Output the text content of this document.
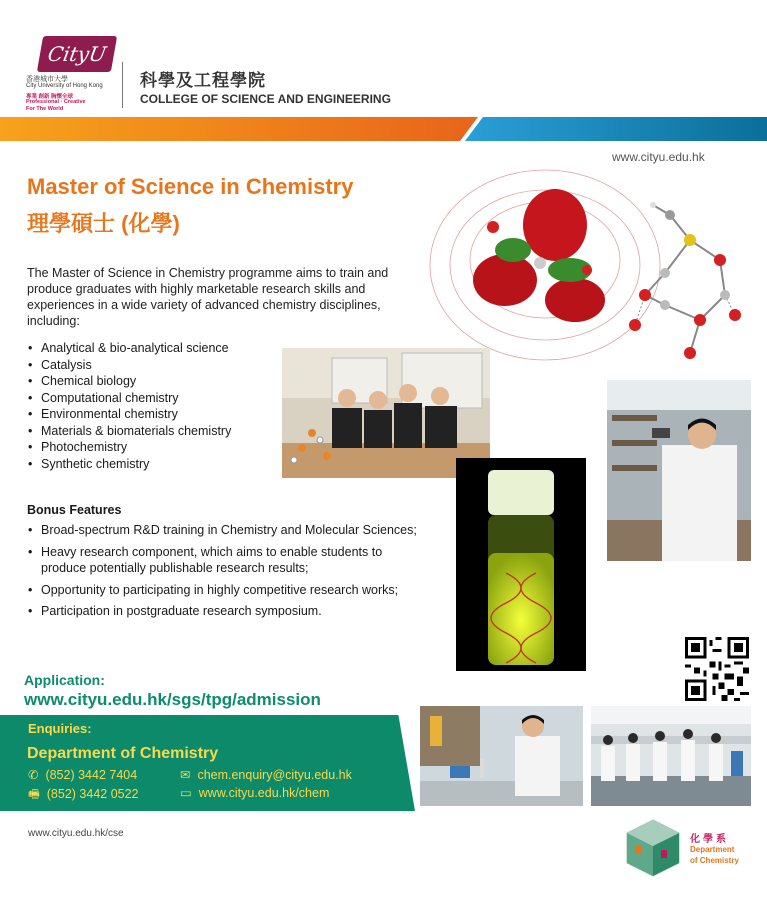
CityU
香港城市大學
City University of Hong Kong
專業 創新 胸懷全球
Professional · Creative
For The World
科學及工程學院
COLLEGE OF SCIENCE AND ENGINEERING
www.cityu.edu.hk
Master of Science in Chemistry
理學碩士 (化學)
The Master of Science in Chemistry programme aims to train and produce graduates with highly marketable research skills and experiences in a wide variety of advanced chemistry disciplines, including:
• Analytical & bio-analytical science
• Catalysis
• Chemical biology
• Computational chemistry
• Environmental chemistry
• Materials & biomaterials chemistry
• Photochemistry
• Synthetic chemistry
Bonus Features
• Broad-spectrum R&D training in Chemistry and Molecular Sciences;
• Heavy research component, which aims to enable students to produce potentially publishable research results;
• Opportunity to participating in highly competitive research works;
• Participation in postgraduate research symposium.
Application:
www.cityu.edu.hk/sgs/tpg/admission
Enquiries:
Department of Chemistry
✆ (852) 3442 7404
🖷 (852) 3442 0522
✉ chem.enquiry@cityu.edu.hk
▭ www.cityu.edu.hk/chem
www.cityu.edu.hk/cse
化學系
Department
of Chemistry
